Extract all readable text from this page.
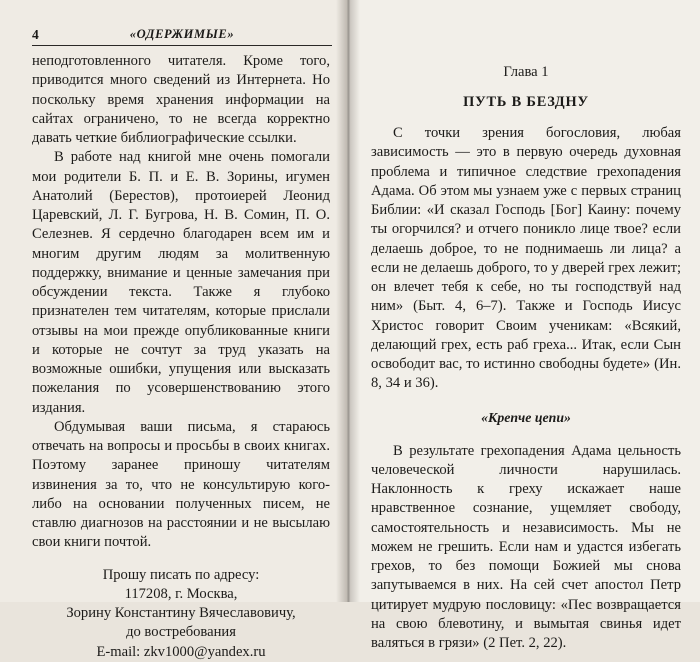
4	«ОДЕРЖИМЫЕ»

неподготовленного читателя. Кроме того, приводится много сведений из Интернета. Но поскольку время хранения информации на сайтах ограничено, то не всегда корректно давать четкие библиографические ссылки.

В работе над книгой мне очень помогали мои родители Б. П. и Е. В. Зорины, игумен Анатолий (Берестов), протоиерей Леонид Царевский, Л. Г. Бугрова, Н. В. Сомин, П. О. Селезнев. Я сердечно благодарен всем им и многим другим людям за молитвенную поддержку, внимание и ценные замечания при обсуждении текста. Также я глубоко признателен тем читателям, которые прислали отзывы на мои прежде опубликованные книги и которые не сочтут за труд указать на возможные ошибки, упущения или высказать пожелания по усовершенствованию этого издания.

Обдумывая ваши письма, я стараюсь отвечать на вопросы и просьбы в своих книгах. Поэтому заранее приношу читателям извинения за то, что не консультирую кого-либо на основании полученных писем, не ставлю диагнозов на расстоянии и не высылаю свои книги почтой.

Прошу писать по адресу:
117208, г. Москва,
Зорину Константину Вячеславовичу,
до востребования
E-mail: zkv1000@yandex.ru
Глава 1
ПУТЬ В БЕЗДНУ

С точки зрения богословия, любая зависимость — это в первую очередь духовная проблема и типичное следствие грехопадения Адама. Об этом мы узнаем уже с первых страниц Библии: «И сказал Господь [Бог] Каину: почему ты огорчился? и отчего поникло лице твое? если делаешь доброе, то не поднимаешь ли лица? а если не делаешь доброго, то у дверей грех лежит; он влечет тебя к себе, но ты господствуй над ним» (Быт. 4, 6–7). Также и Господь Иисус Христос говорит Своим ученикам: «Всякий, делающий грех, есть раб греха... Итак, если Сын освободит вас, то истинно свободны будете» (Ин. 8, 34 и 36).

«Крепче цепи»

В результате грехопадения Адама цельность человеческой личности нарушилась. Наклонность к греху искажает наше нравственное сознание, ущемляет свободу, самостоятельность и независимость. Мы не можем не грешить. Если нам и удастся избегать грехов, то без помощи Божией мы снова запутываемся в них. На сей счет апостол Петр цитирует мудрую пословицу: «Пес возвращается на свою блевотину, и вымытая свинья идет валяться в грязи» (2 Пет. 2, 22).
